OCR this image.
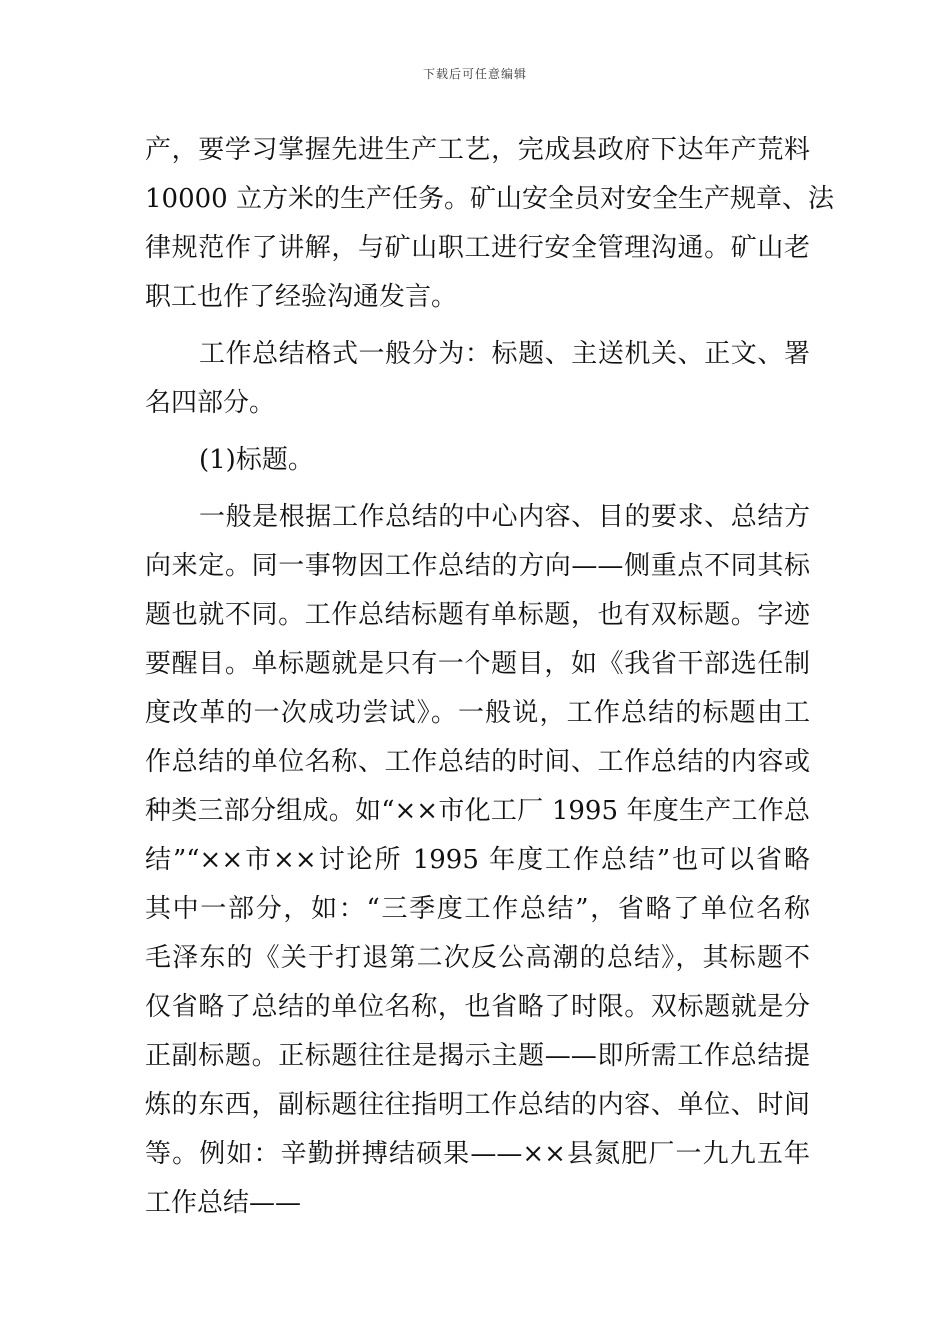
下载后可任意编辑
产，要学习掌握先进生产工艺，完成县政府下达年产荒料
10000 立方米的生产任务。矿山安全员对安全生产规章、法
律规范作了讲解，与矿山职工进行安全管理沟通。矿山老
职工也作了经验沟通发言。
工作总结格式一般分为：标题、主送机关、正文、署
名四部分。
(1)标题。
一般是根据工作总结的中心内容、目的要求、总结方
向来定。同一事物因工作总结的方向——侧重点不同其标
题也就不同。工作总结标题有单标题，也有双标题。字迹
要醒目。单标题就是只有一个题目，如《我省干部选任制
度改革的一次成功尝试》。一般说，工作总结的标题由工
作总结的单位名称、工作总结的时间、工作总结的内容或
种类三部分组成。如“××市化工厂 1995 年度生产工作总
结”“××市××讨论所 1995 年度工作总结”也可以省略
其中一部分，如：“三季度工作总结”，省略了单位名称
毛泽东的《关于打退第二次反公高潮的总结》，其标题不
仅省略了总结的单位名称，也省略了时限。双标题就是分
正副标题。正标题往往是揭示主题——即所需工作总结提
炼的东西，副标题往往指明工作总结的内容、单位、时间
等。例如：辛勤拼搏结硕果——××县氮肥厂一九九五年
工作总结——
